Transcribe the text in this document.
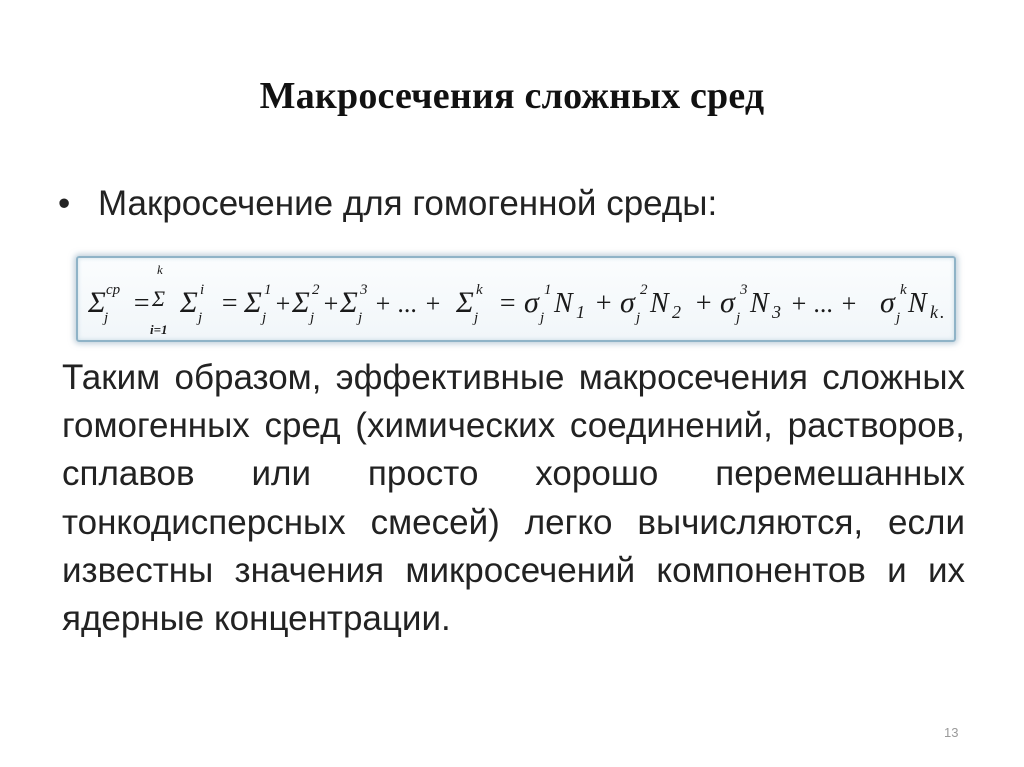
Макросечения сложных сред
• Макросечение для гомогенной среды:
Σ cp
j =
k
Σ
i=1
Σ i
j = Σ 1
j + Σ 2
j + Σ 3
j + ... + Σ k
j = σ 1
j N 1 + σ 2
j N 2 + σ 3
j N 3 + ... + σ k
j N k .

Таким образом, эффективные макросечения сложных гомогенных сред (химических соединений, растворов, сплавов или просто хорошо перемешанных тонкодисперсных смесей) легко вычисляются, если известны значения микросечений компонентов и их ядерные концентрации.

13
